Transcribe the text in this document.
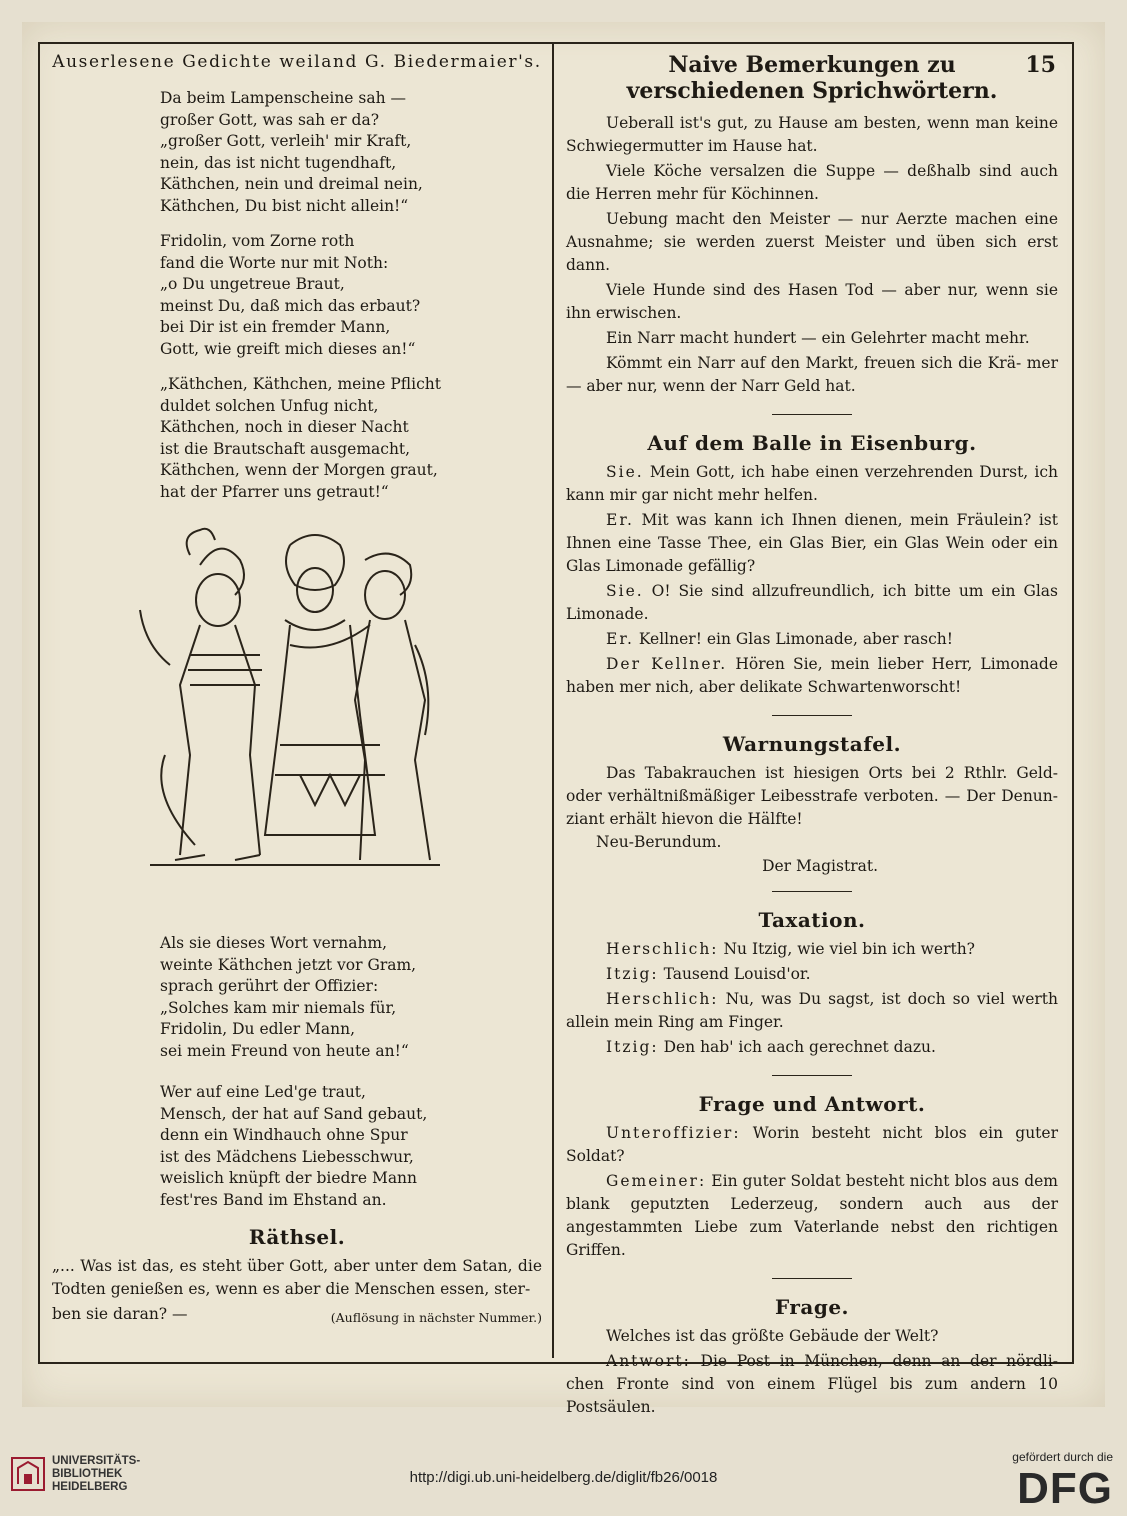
Auserlesene Gedichte weiland G. Biedermaier's.
Da beim Lampenscheine sah —
großer Gott, was sah er da?
„großer Gott, verleih' mir Kraft,
nein, das ist nicht tugendhaft,
Käthchen, nein und dreimal nein,
Käthchen, Du bist nicht allein!“
Fridolin, vom Zorne roth
fand die Worte nur mit Noth:
„o Du ungetreue Braut,
meinst Du, daß mich das erbaut?
bei Dir ist ein fremder Mann,
Gott, wie greift mich dieses an!“
„Käthchen, Käthchen, meine Pflicht
duldet solchen Unfug nicht,
Käthchen, noch in dieser Nacht
ist die Brautschaft ausgemacht,
Käthchen, wenn der Morgen graut,
hat der Pfarrer uns getraut!“
Als sie dieses Wort vernahm,
weinte Käthchen jetzt vor Gram,
sprach gerührt der Offizier:
„Solches kam mir niemals für,
Fridolin, Du edler Mann,
sei mein Freund von heute an!“
Wer auf eine Led'ge traut,
Mensch, der hat auf Sand gebaut,
denn ein Windhauch ohne Spur
ist des Mädchens Liebesschwur,
weislich knüpft der biedre Mann
fest'res Band im Ehstand an.
Räthsel.

„... Was ist das, es steht über Gott, aber unter dem Satan, die Todten genießen es, wenn es aber die Menschen essen, ster-

ben sie daran? —	(Auflösung in nächster Nummer.)
Naive Bemerkungen zu verschiedenen Sprichwörtern.
15

Ueberall ist's gut, zu Hause am besten, wenn man keine Schwiegermutter im Hause hat.

Viele Köche versalzen die Suppe — deßhalb sind auch die Herren mehr für Köchinnen.

Uebung macht den Meister — nur Aerzte machen eine Ausnahme; sie werden zuerst Meister und üben sich erst dann.

Viele Hunde sind des Hasen Tod — aber nur, wenn sie ihn erwischen.

Ein Narr macht hundert — ein Gelehrter macht mehr.

Kömmt ein Narr auf den Markt, freuen sich die Krä- mer — aber nur, wenn der Narr Geld hat.

Auf dem Balle in Eisenburg.

Sie. Mein Gott, ich habe einen verzehrenden Durst, ich kann mir gar nicht mehr helfen.

Er. Mit was kann ich Ihnen dienen, mein Fräulein? ist Ihnen eine Tasse Thee, ein Glas Bier, ein Glas Wein oder ein Glas Limonade gefällig?

Sie. O! Sie sind allzufreundlich, ich bitte um ein Glas Limonade.

Er. Kellner! ein Glas Limonade, aber rasch!

Der Kellner. Hören Sie, mein lieber Herr, Limonade haben mer nich, aber delikate Schwartenworscht!

Warnungstafel.

Das Tabakrauchen ist hiesigen Orts bei 2 Rthlr. Geld- oder verhältnißmäßiger Leibesstrafe verboten. — Der Denun- ziant erhält hievon die Hälfte!

Neu-Berundum.
Der Magistrat.
Taxation.

Herschlich: Nu Itzig, wie viel bin ich werth?

Itzig: Tausend Louisd'or.

Herschlich: Nu, was Du sagst, ist doch so viel werth allein mein Ring am Finger.

Itzig: Den hab' ich aach gerechnet dazu.

Frage und Antwort.

Unteroffizier: Worin besteht nicht blos ein guter Soldat?

Gemeiner: Ein guter Soldat besteht nicht blos aus dem blank geputzten Lederzeug, sondern auch aus der angestammten Liebe zum Vaterlande nebst den richtigen Griffen.

Frage.

Welches ist das größte Gebäude der Welt?

Antwort: Die Post in München, denn an der nördli- chen Fronte sind von einem Flügel bis zum andern 10 Postsäulen.

UNIVERSITÄTS-
BIBLIOTHEK
HEIDELBERG
http://digi.ub.uni-heidelberg.de/diglit/fb26/0018
gefördert durch die
DFG
